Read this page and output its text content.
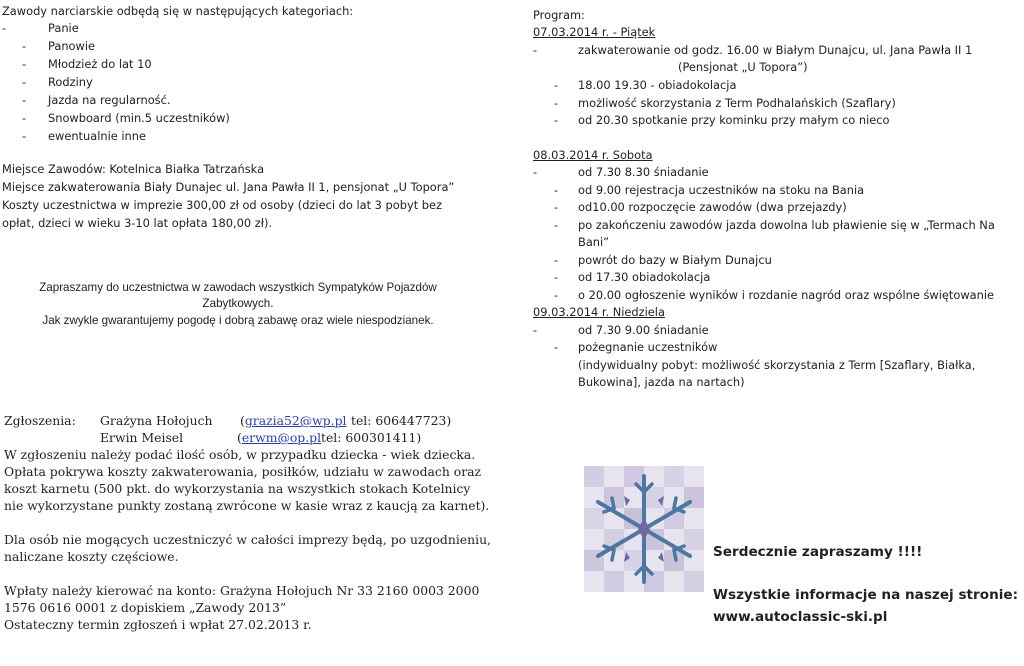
Zawody narciarskie odbędą się w następujących kategoriach:
-	Panie
- Panowie
- Młodzież do lat 10
- Rodziny
- Jazda na regularność.
- Snowboard (min.5 uczestników)
- ewentualnie inne
Miejsce Zawodów: Kotelnica Białka Tatrzańska
Miejsce zakwaterowania Biały Dunajec ul. Jana Pawła II 1, pensjonat „U Topora”
Koszty uczestnictwa w imprezie 300,00 zł od osoby (dzieci do lat 3 pobyt bez
opłat, dzieci w wieku 3-10 lat opłata 180,00 zł).
Zapraszamy do uczestnictwa w zawodach wszystkich Sympatyków Pojazdów
Zabytkowych.
Jak zwykle gwarantujemy pogodę i dobrą zabawę oraz wiele niespodzianek.
Zgłoszenia: Grażyna Hołojuch (grazia52@wp.pl tel: 606447723)
Erwin Meisel	(erwm@op.pl tel: 600301411)
W zgłoszeniu należy podać ilość osób, w przypadku dziecka - wiek dziecka.
Opłata pokrywa koszty zakwaterowania, posiłków, udziału w zawodach oraz
koszt karnetu (500 pkt. do wykorzystania na wszystkich stokach Kotelnicy
nie wykorzystane punkty zostaną zwrócone w kasie wraz z kaucją za karnet).
Dla osób nie mogących uczestniczyć w całości imprezy będą, po uzgodnieniu,
naliczane koszty częściowe.
Wpłaty należy kierować na konto: Grażyna Hołojuch Nr 33 2160 0003 2000
1576 0616 0001 z dopiskiem „Zawody 2013”
Ostateczny termin zgłoszeń i wpłat 27.02.2013 r.
Program:
07.03.2014 r. - Piątek
-	zakwaterowanie od godz. 16.00 w Białym Dunajcu, ul. Jana Pawła II 1
(Pensjonat „U Topora”)
- 18.00 19.30 - obiadokolacja
- możliwość skorzystania z Term Podhalańskich (Szaflary)
- od 20.30 spotkanie przy kominku przy małym co nieco
08.03.2014 r. Sobota
-	od 7.30 8.30 śniadanie
- od 9.00 rejestracja uczestników na stoku na Bania
- od10.00 rozpoczęcie zawodów (dwa przejazdy)
- po zakończeniu zawodów jazda dowolna lub pławienie się w „Termach Na
Bani”
- powrót do bazy w Białym Dunajcu
- od 17.30 obiadokolacja
- o 20.00 ogłoszenie wyników i rozdanie nagród oraz wspólne świętowanie
09.03.2014 r. Niedziela
-	od 7.30 9.00 śniadanie
- pożegnanie uczestników
(indywidualny pobyt: możliwość skorzystania z Term [Szaflary, Białka,
Bukowina], jazda na nartach)
Serdecznie zapraszamy !!!!
Wszystkie informacje na naszej stronie:
www.autoclassic-ski.pl
